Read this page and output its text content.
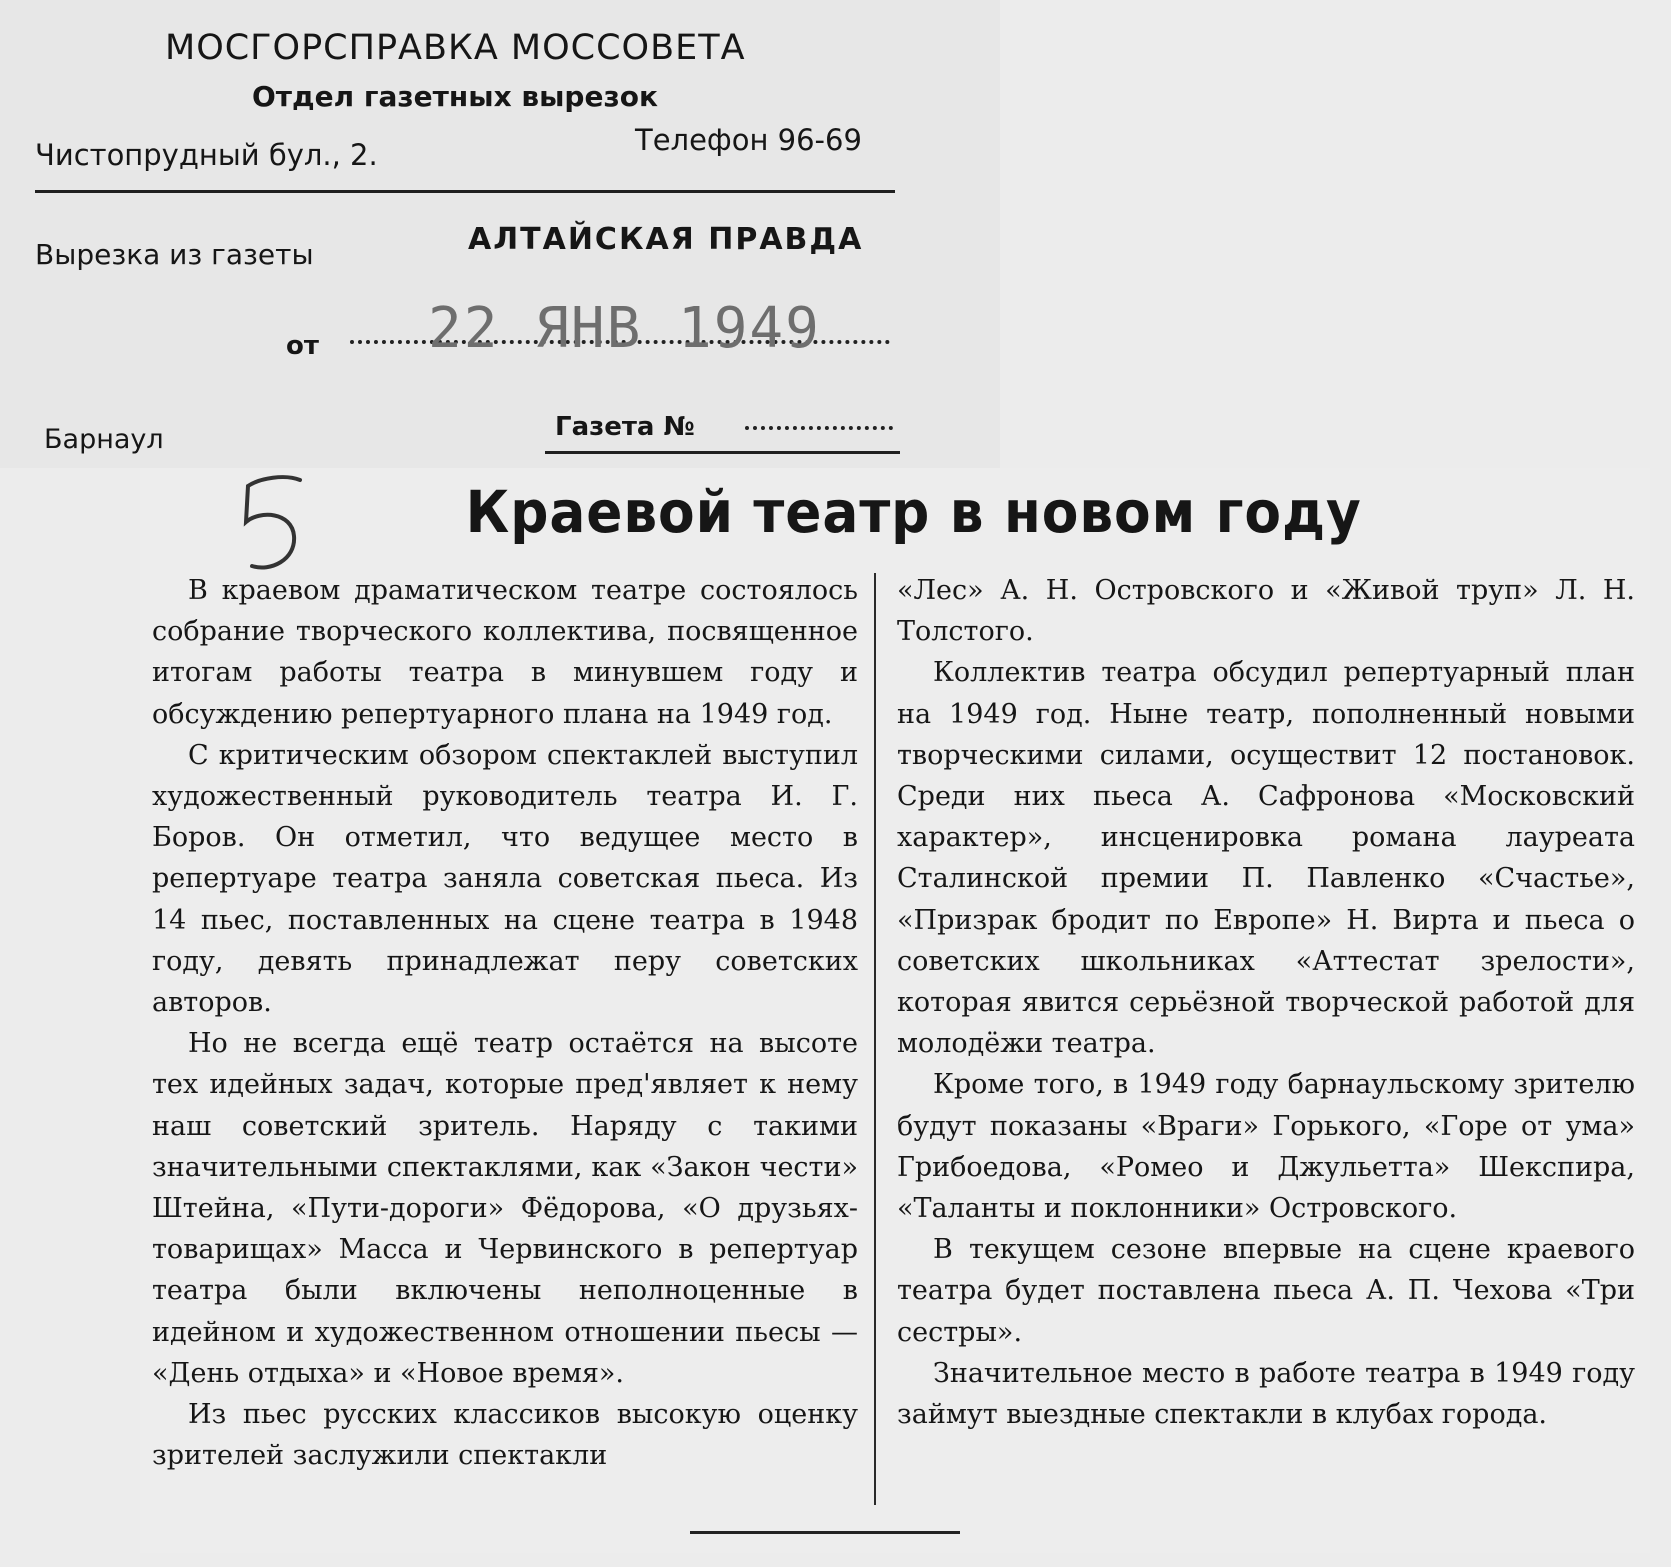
МОСГОРСПРАВКА МОССОВЕТА
Отдел газетных вырезок
Чистопрудный бул., 2.	Телефон 96-69
Вырезка из газеты	АЛТАЙСКАЯ ПРАВДА
от 22 ЯНВ 1949
Барнаул	Газета №
Краевой театр в новом году

В краевом драматическом театре состоялось собрание творческого коллектива, посвященное итогам работы театра в минувшем году и обсуждению репертуарного плана на 1949 год.

С критическим обзором спектаклей выступил художественный руководитель театра И. Г. Боров. Он отметил, что ведущее место в репертуаре театра заняла советская пьеса. Из 14 пьес, поставленных на сцене театра в 1948 году, девять принадлежат перу советских авторов.

Но не всегда ещё театр остаётся на высоте тех идейных задач, которые пред'являет к нему наш советский зритель. Наряду с такими значительными спектаклями, как «Закон чести» Штейна, «Пути-дороги» Фёдорова, «О друзьях-товарищах» Масса и Червинского в репертуар театра были включены неполноценные в идейном и художественном отношении пьесы — «День отдыха» и «Новое время».

Из пьес русских классиков высокую оценку зрителей заслужили спектакли

«Лес» А. Н. Островского и «Живой труп» Л. Н. Толстого.

Коллектив театра обсудил репертуарный план на 1949 год. Ныне театр, пополненный новыми творческими силами, осуществит 12 постановок. Среди них пьеса А. Сафронова «Московский характер», инсценировка романа лауреата Сталинской премии П. Павленко «Счастье», «Призрак бродит по Европе» Н. Вирта и пьеса о советских школьниках «Аттестат зрелости», которая явится серьёзной творческой работой для молодёжи театра.

Кроме того, в 1949 году барнаульскому зрителю будут показаны «Враги» Горького, «Горе от ума» Грибоедова, «Ромео и Джульетта» Шекспира, «Таланты и поклонники» Островского.

В текущем сезоне впервые на сцене краевого театра будет поставлена пьеса А. П. Чехова «Три сестры».

Значительное место в работе театра в 1949 году займут выездные спектакли в клубах города.
